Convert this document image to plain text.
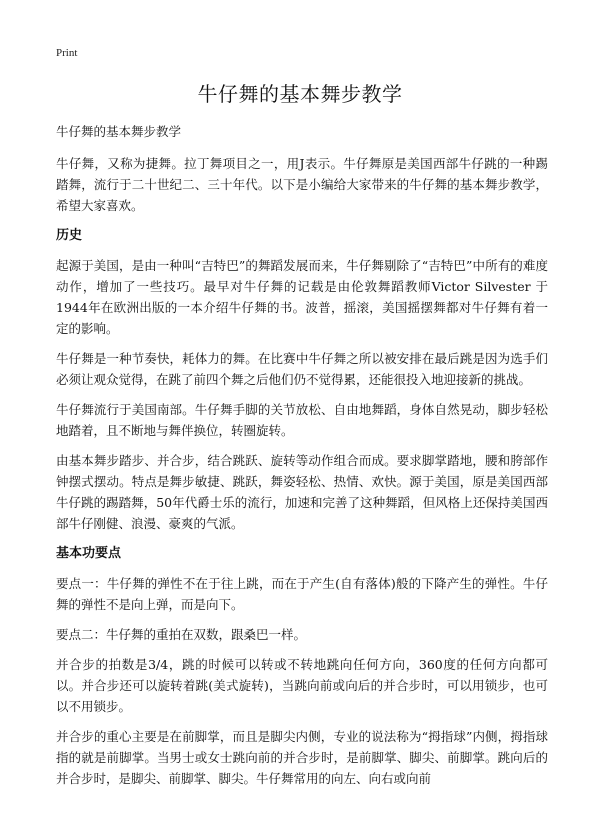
Print
牛仔舞的基本舞步教学

牛仔舞的基本舞步教学

牛仔舞，又称为捷舞。拉丁舞项目之一，用J表示。牛仔舞原是美国西部牛仔跳的一种踢踏舞，流行于二十世纪二、三十年代。以下是小编给大家带来的牛仔舞的基本舞步教学，希望大家喜欢。

历史

起源于美国，是由一种叫“吉特巴”的舞蹈发展而来，牛仔舞剔除了“吉特巴”中所有的难度动作，增加了一些技巧。最早对牛仔舞的记载是由伦敦舞蹈教师Victor Silvester 于1944年在欧洲出版的一本介绍牛仔舞的书。波普，摇滚，美国摇摆舞都对牛仔舞有着一定的影响。

牛仔舞是一种节奏快，耗体力的舞。在比赛中牛仔舞之所以被安排在最后跳是因为选手们必须让观众觉得，在跳了前四个舞之后他们仍不觉得累，还能很投入地迎接新的挑战。

牛仔舞流行于美国南部。牛仔舞手脚的关节放松、自由地舞蹈，身体自然晃动，脚步轻松地踏着，且不断地与舞伴换位，转圈旋转。

由基本舞步踏步、并合步，结合跳跃、旋转等动作组合而成。要求脚掌踏地，腰和胯部作钟摆式摆动。特点是舞步敏捷、跳跃，舞姿轻松、热情、欢快。源于美国，原是美国西部牛仔跳的踢踏舞，50年代爵士乐的流行，加速和完善了这种舞蹈，但风格上还保持美国西部牛仔刚健、浪漫、豪爽的气派。

基本功要点

要点一：牛仔舞的弹性不在于往上跳，而在于产生(自有落体)般的下降产生的弹性。牛仔舞的弹性不是向上弹，而是向下。

要点二：牛仔舞的重拍在双数，跟桑巴一样。

并合步的拍数是3/4，跳的时候可以转或不转地跳向任何方向，360度的任何方向都可以。并合步还可以旋转着跳(美式旋转)，当跳向前或向后的并合步时，可以用锁步，也可以不用锁步。

并合步的重心主要是在前脚掌，而且是脚尖内侧，专业的说法称为“拇指球”内侧，拇指球指的就是前脚掌。当男士或女士跳向前的并合步时，是前脚掌、脚尖、前脚掌。跳向后的并合步时，是脚尖、前脚掌、脚尖。牛仔舞常用的向左、向右或向前
